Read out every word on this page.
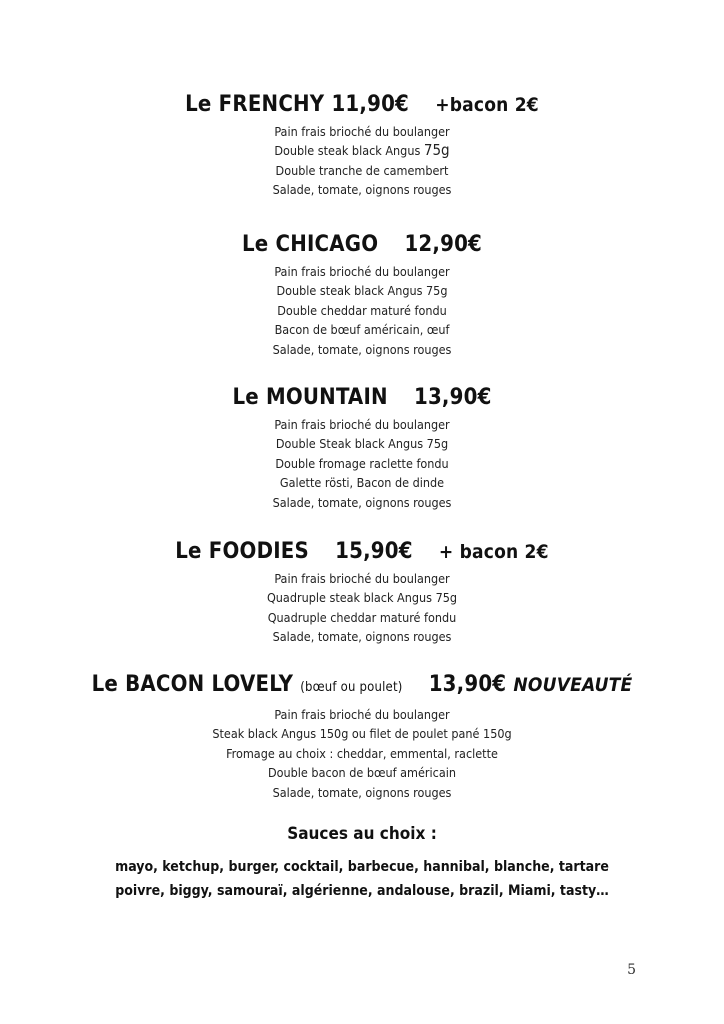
Le FRENCHY 11,90€ +bacon 2€
Pain frais brioché du boulanger
Double steak black Angus 75g
Double tranche de camembert
Salade, tomate, oignons rouges
Le CHICAGO 12,90€
Pain frais brioché du boulanger
Double steak black Angus 75g
Double cheddar maturé fondu
Bacon de bœuf américain, œuf
Salade, tomate, oignons rouges
Le MOUNTAIN 13,90€
Pain frais brioché du boulanger
Double Steak black Angus 75g
Double fromage raclette fondu
Galette rösti, Bacon de dinde
Salade, tomate, oignons rouges
Le FOODIES 15,90€ + bacon 2€
Pain frais brioché du boulanger
Quadruple steak black Angus 75g
Quadruple cheddar maturé fondu
Salade, tomate, oignons rouges
Le BACON LOVELY (bœuf ou poulet) 13,90€ NOUVEAUTÉ
Pain frais brioché du boulanger
Steak black Angus 150g ou filet de poulet pané 150g
Fromage au choix : cheddar, emmental, raclette
Double bacon de bœuf américain
Salade, tomate, oignons rouges
Sauces au choix :
mayo, ketchup, burger, cocktail, barbecue, hannibal, blanche, tartare
poivre, biggy, samouraï, algérienne, andalouse, brazil, Miami, tasty…
5
